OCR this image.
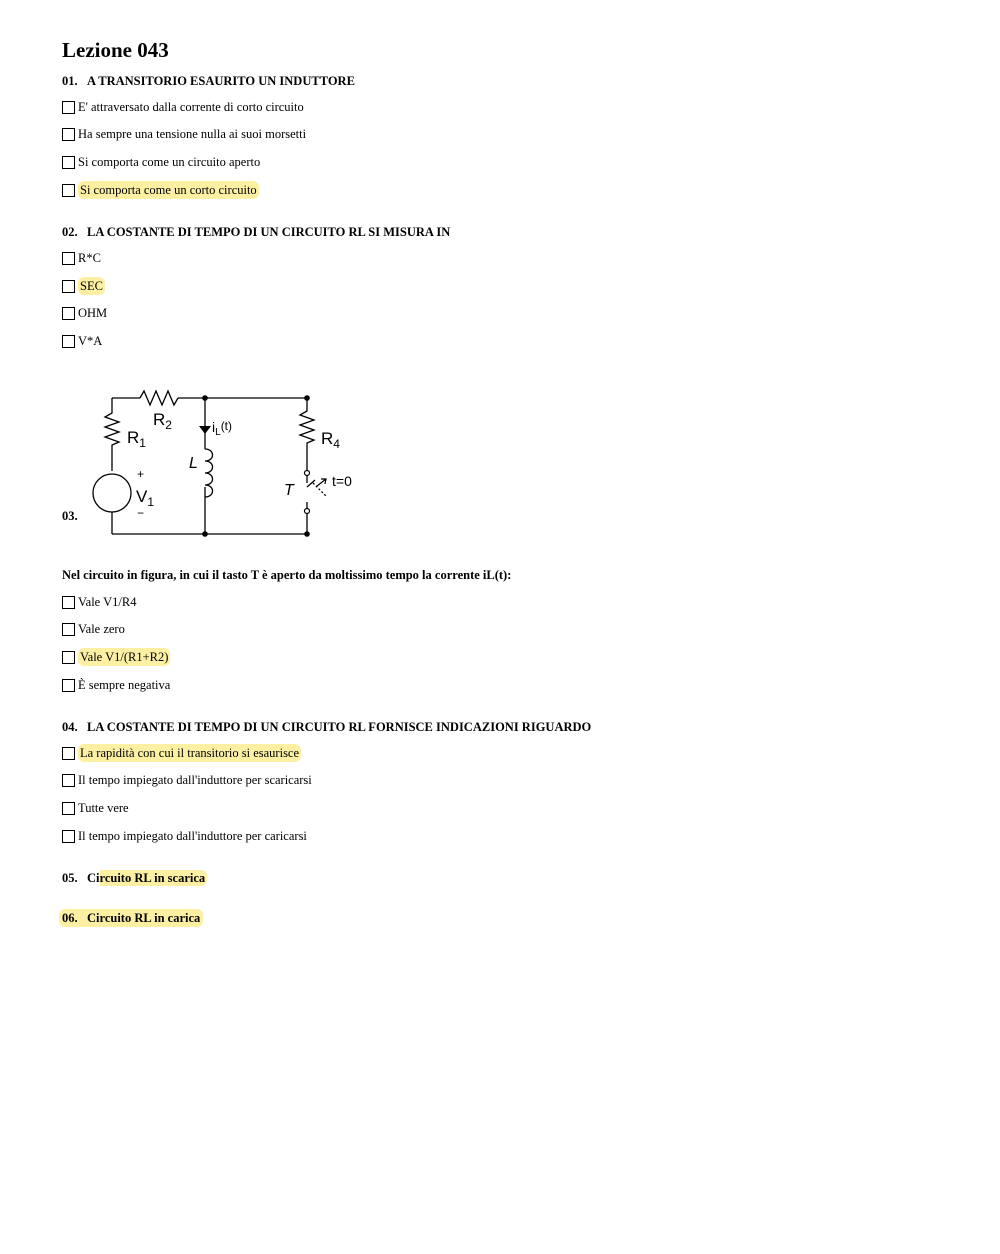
Lezione 043
01. A TRANSITORIO ESAURITO UN INDUTTORE
E' attraversato dalla corrente di corto circuito
Ha sempre una tensione nulla ai suoi morsetti
Si comporta come un circuito aperto
Si comporta come un corto circuito
02. LA COSTANTE DI TEMPO DI UN CIRCUITO RL SI MISURA IN
R*C
SEC
OHM
V*A
03.
$R_2$
$R_1$	$R_4$
$i_L(t)$
L
$V_1$
+
−
T
t=0
Nel circuito in figura, in cui il tasto T è aperto da moltissimo tempo la corrente iL(t):
Vale V1/R4
Vale zero
Vale V1/(R1+R2)
È sempre negativa
04. LA COSTANTE DI TEMPO DI UN CIRCUITO RL FORNISCE INDICAZIONI RIGUARDO
La rapidità con cui il transitorio si esaurisce
Il tempo impiegato dall'induttore per scaricarsi
Tutte vere
Il tempo impiegato dall'induttore per caricarsi
05. Circuito RL in scarica
06. Circuito RL in carica
